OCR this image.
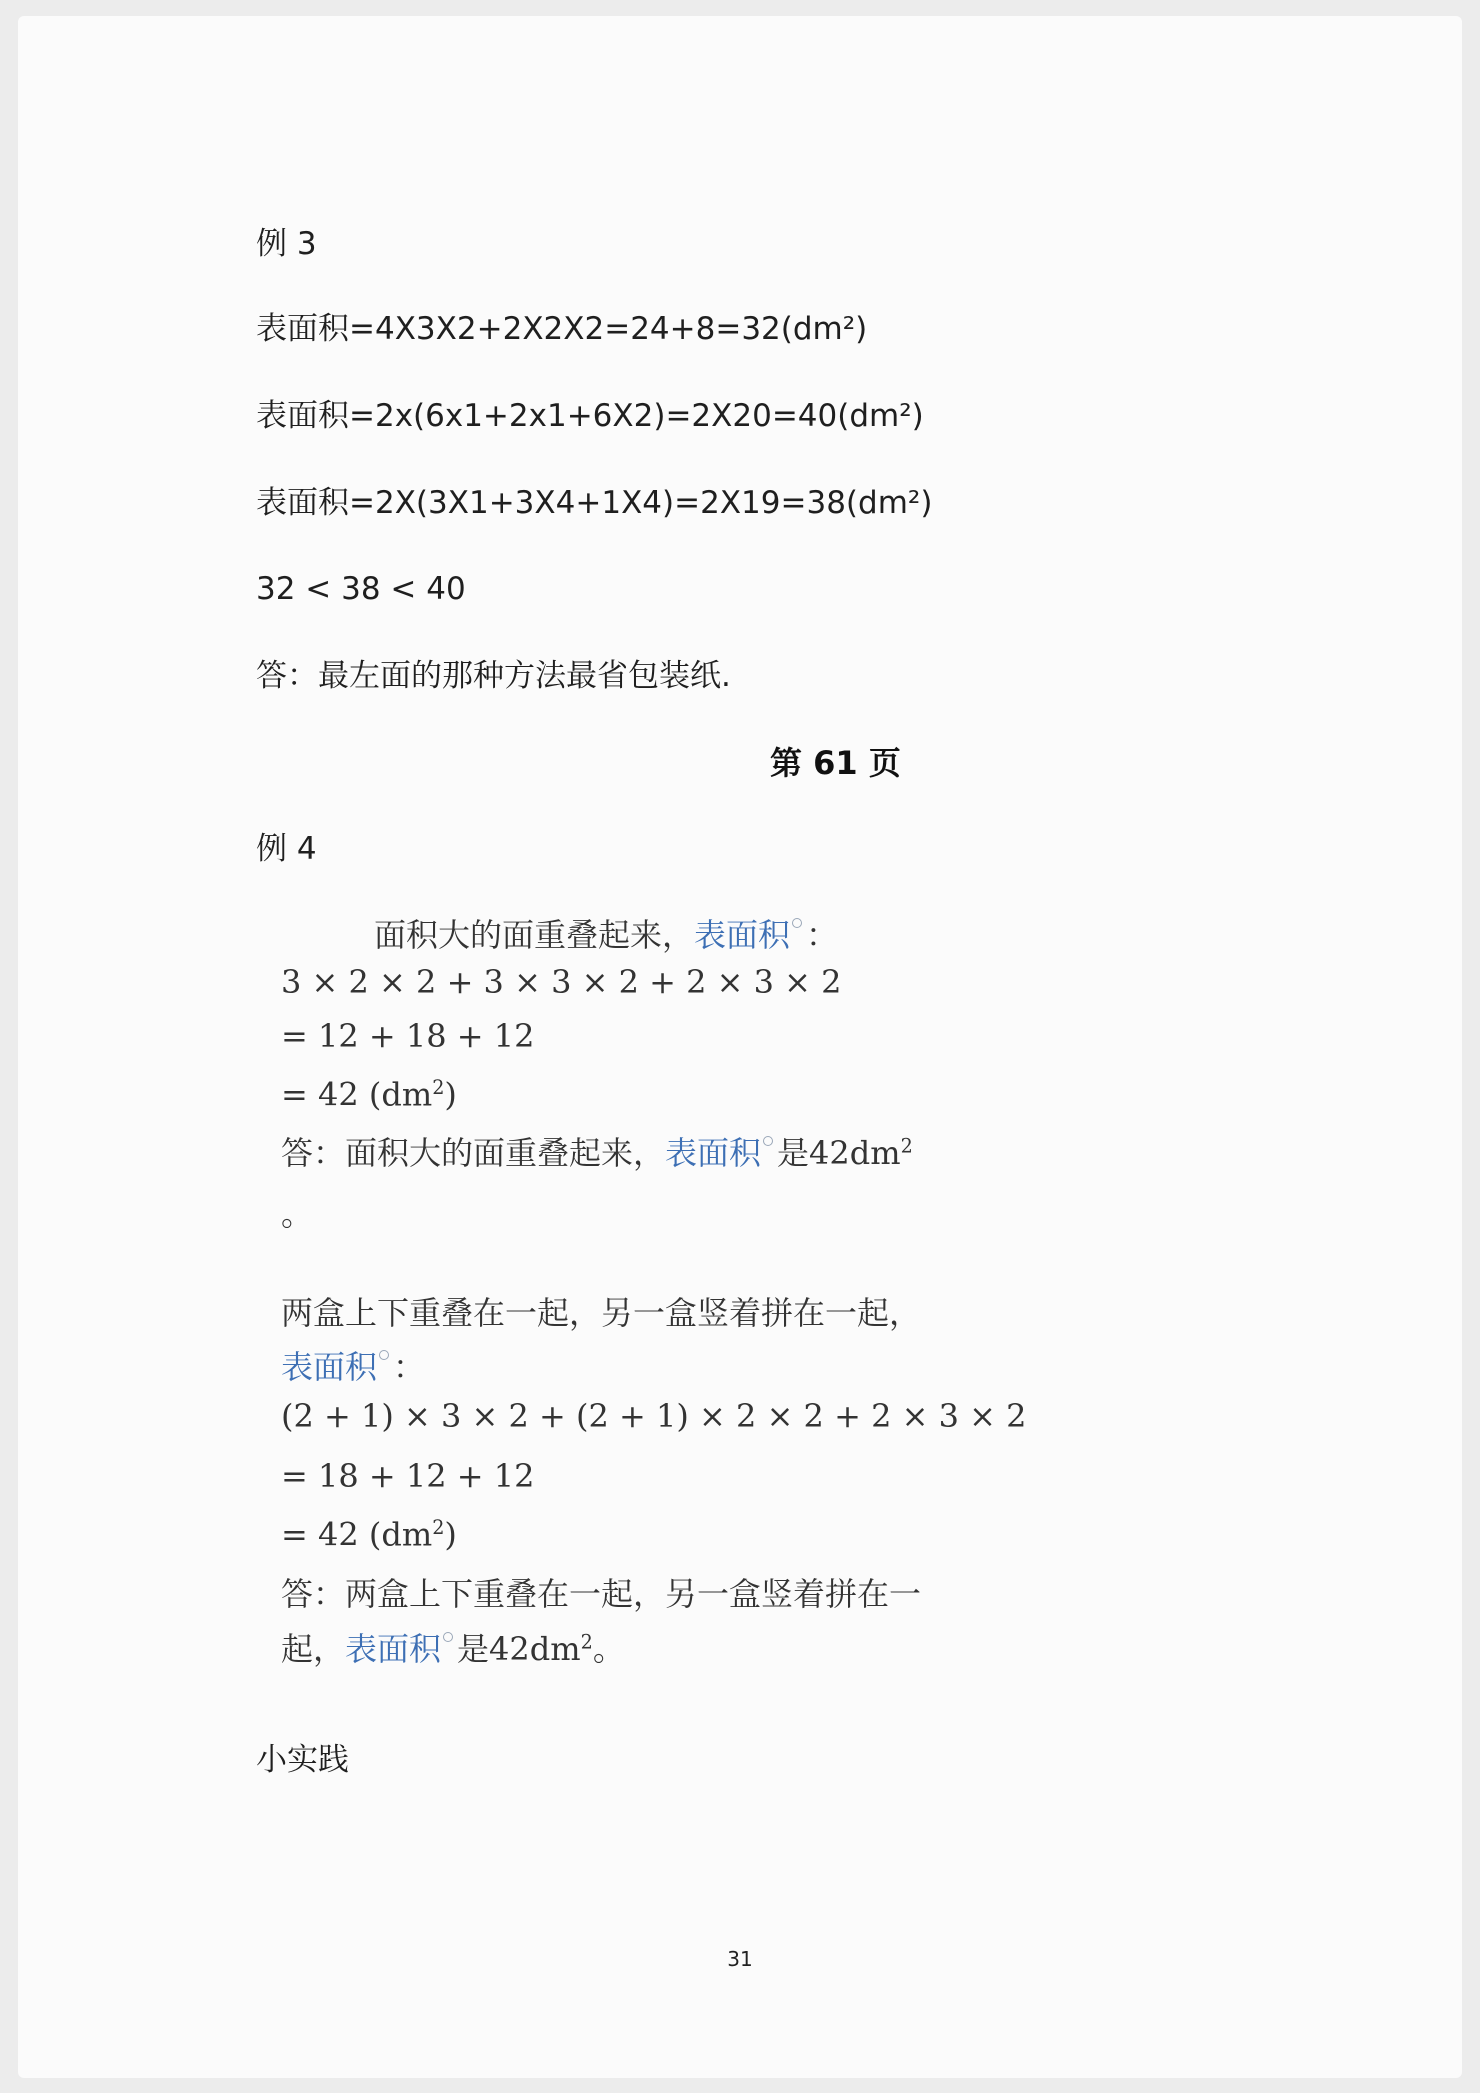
例 3

表面积=4X3X2+2X2X2=24+8=32(dm²)

表面积=2x(6x1+2x1+6X2)=2X20=40(dm²)

表面积=2X(3X1+3X4+1X4)=2X19=38(dm²)

32 < 38 < 40

答：最左面的那种方法最省包装纸.

第 61 页

例 4

面积大的面重叠起来，表面积 ：
3 × 2 × 2 + 3 × 3 × 2 + 2 × 3 × 2
= 12 + 18 + 12
= 42 $(dm^2)$
答：面积大的面重叠起来，表面积 是$42dm^2$
。
两盒上下重叠在一起，另一盒竖着拼在一起，
表面积 ：
(2 + 1) × 3 × 2 + (2 + 1) × 2 × 2 + 2 × 3 × 2
= 18 + 12 + 12
= 42 $(dm^2)$
答：两盒上下重叠在一起，另一盒竖着拼在一
起，表面积 是$42dm^2$。

小实践

31
